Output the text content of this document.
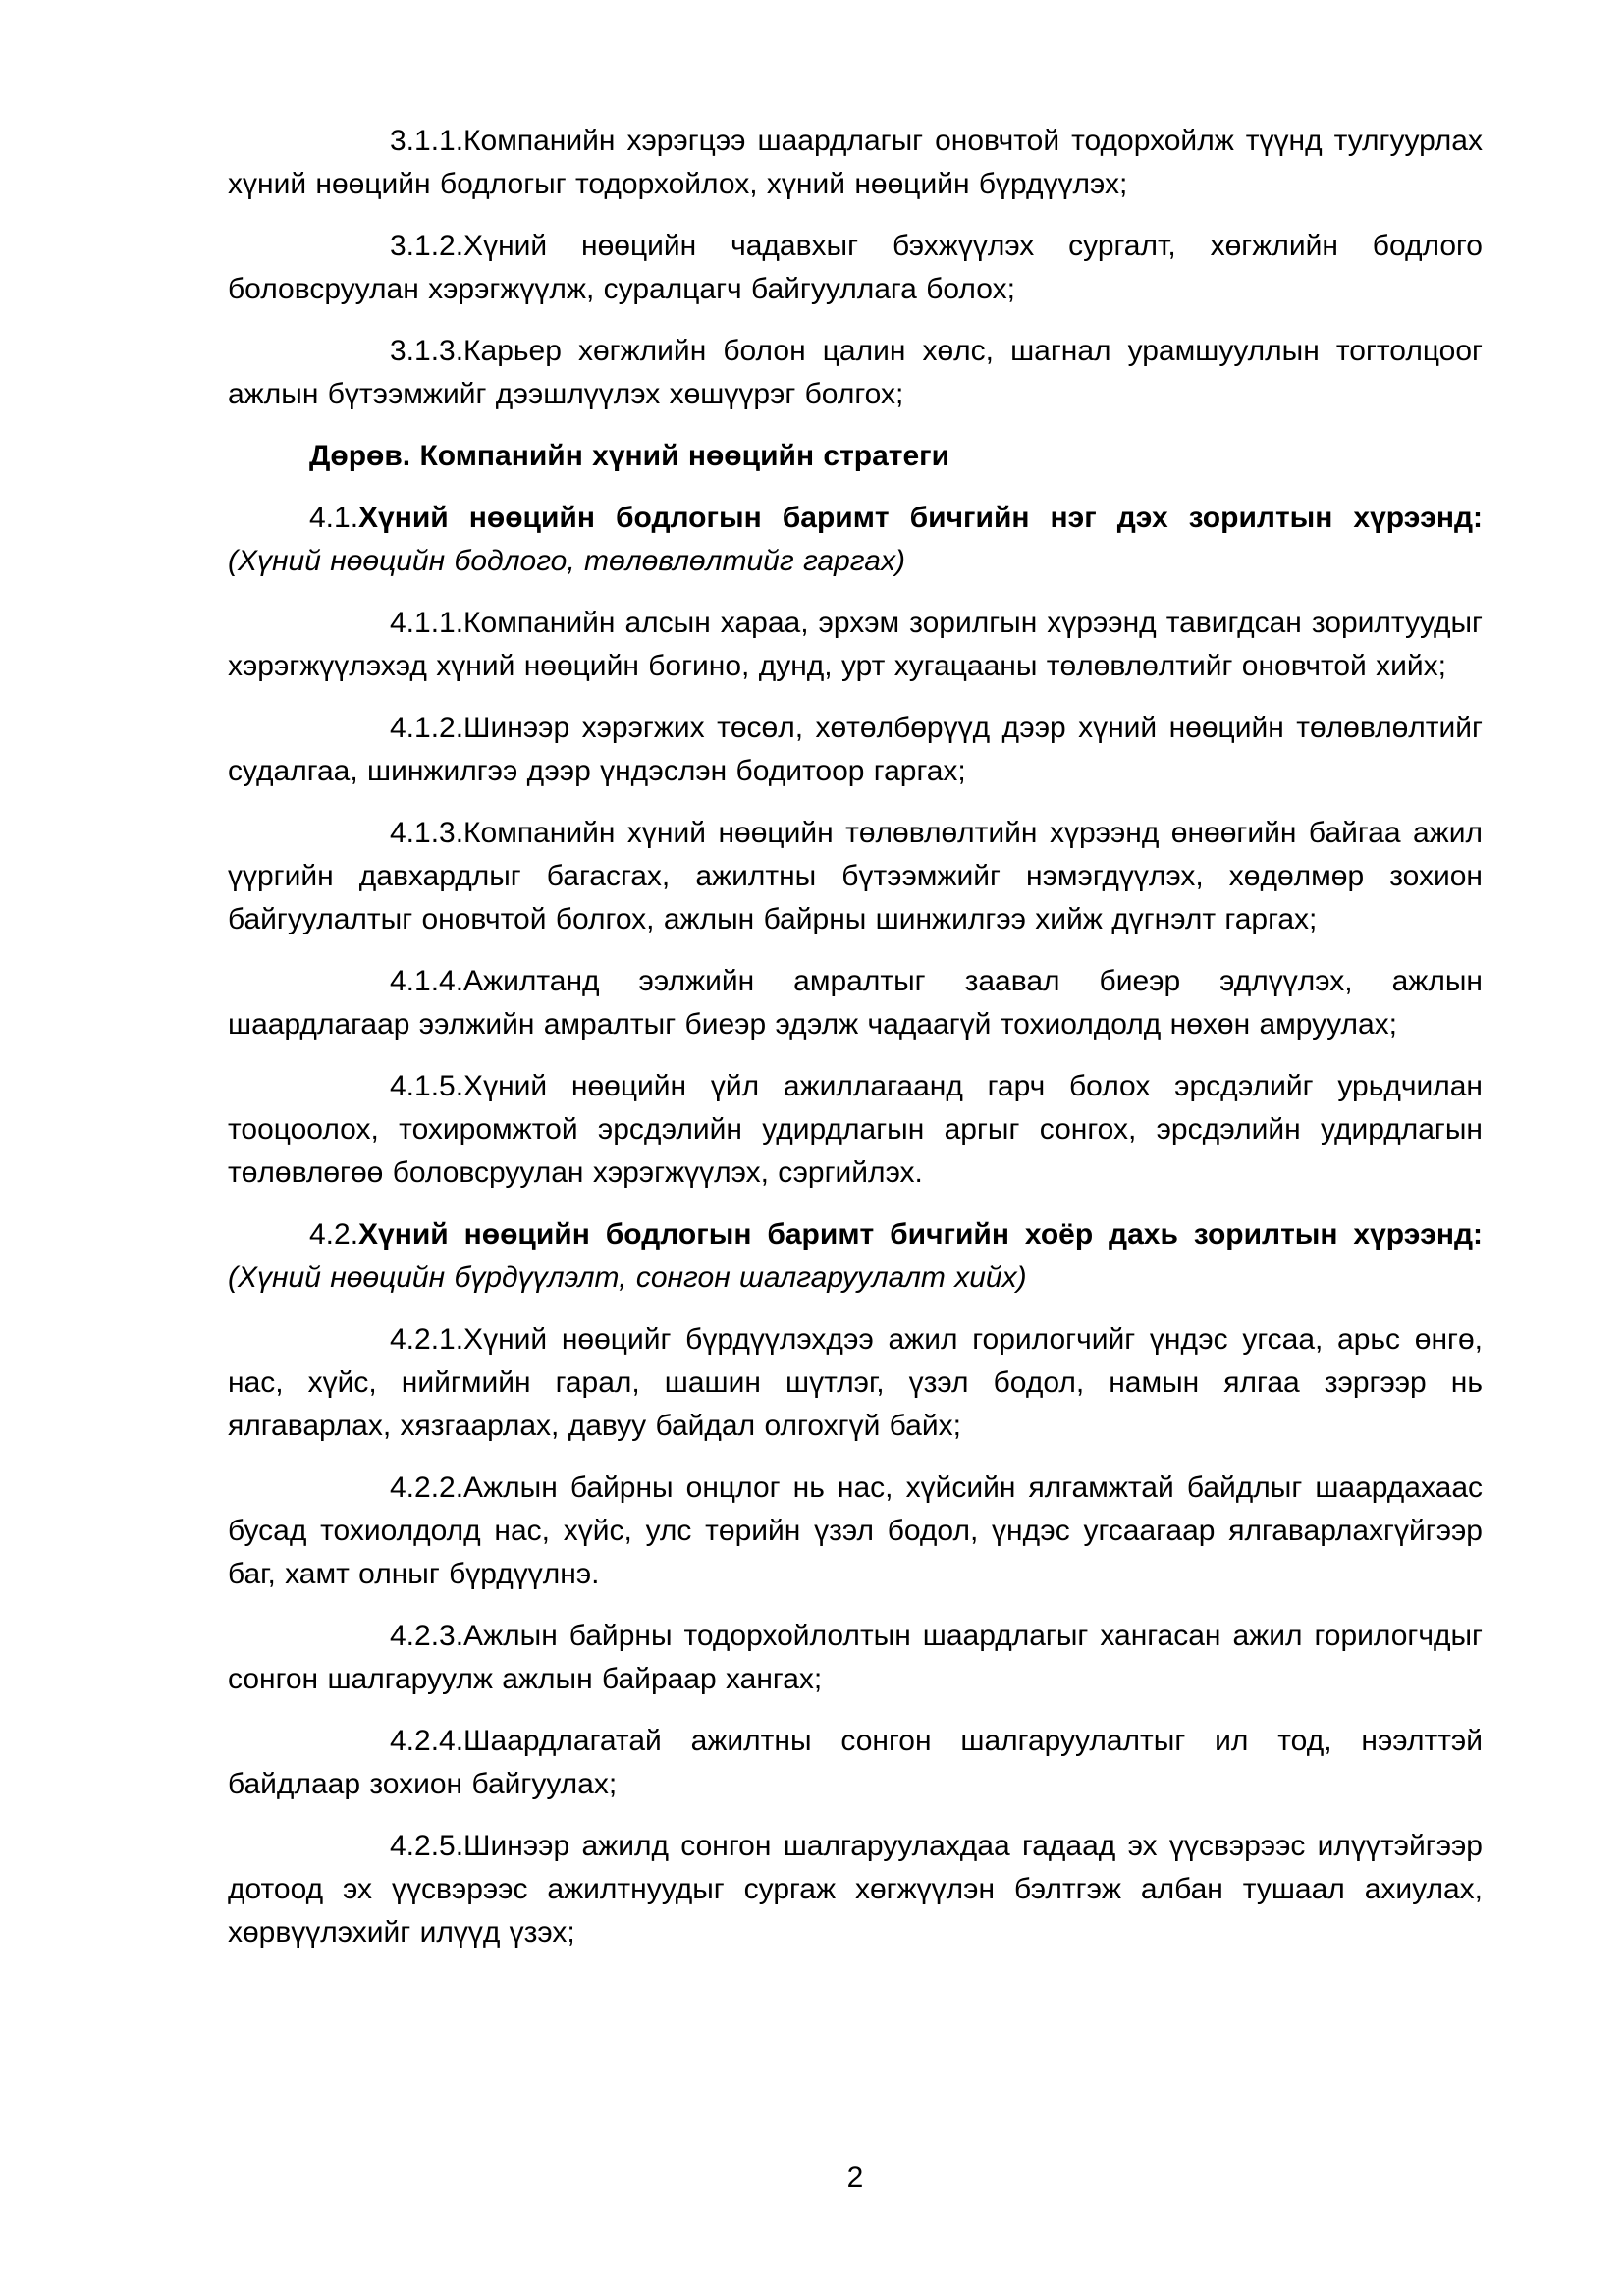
3.1.1.Компанийн хэрэгцээ шаардлагыг оновчтой тодорхойлж түүнд тулгуурлах хүний нөөцийн бодлогыг тодорхойлох, хүний нөөцийн бүрдүүлэх;

3.1.2.Хүний нөөцийн чадавхыг бэхжүүлэх сургалт, хөгжлийн бодлого боловсруулан хэрэгжүүлж, суралцагч байгууллага болох;

3.1.3.Карьер хөгжлийн болон цалин хөлс, шагнал урамшууллын тогтолцоог ажлын бүтээмжийг дээшлүүлэх хөшүүрэг болгох;

Дөрөв. Компанийн хүний нөөцийн стратеги

4.1.Хүний нөөцийн бодлогын баримт бичгийн нэг дэх зорилтын хүрээнд: (Хүний нөөцийн бодлого, төлөвлөлтийг гаргах)

4.1.1.Компанийн алсын хараа, эрхэм зорилгын хүрээнд тавигдсан зорилтуудыг хэрэгжүүлэхэд хүний нөөцийн богино, дунд, урт хугацааны төлөвлөлтийг оновчтой хийх;

4.1.2.Шинээр хэрэгжих төсөл, хөтөлбөрүүд дээр хүний нөөцийн төлөвлөлтийг судалгаа, шинжилгээ дээр үндэслэн бодитоор гаргах;

4.1.3.Компанийн хүний нөөцийн төлөвлөлтийн хүрээнд өнөөгийн байгаа ажил үүргийн давхардлыг багасгах, ажилтны бүтээмжийг нэмэгдүүлэх, хөдөлмөр зохион байгуулалтыг оновчтой болгох, ажлын байрны шинжилгээ хийж дүгнэлт гаргах;

4.1.4.Ажилтанд ээлжийн амралтыг заавал биеэр эдлүүлэх, ажлын шаардлагаар ээлжийн амралтыг биеэр эдэлж чадаагүй тохиолдолд нөхөн амруулах;

4.1.5.Хүний нөөцийн үйл ажиллагаанд гарч болох эрсдэлийг урьдчилан тооцоолох, тохиромжтой эрсдэлийн удирдлагын аргыг сонгох, эрсдэлийн удирдлагын төлөвлөгөө боловсруулан хэрэгжүүлэх, сэргийлэх.

4.2.Хүний нөөцийн бодлогын баримт бичгийн хоёр дахь зорилтын хүрээнд: (Хүний нөөцийн бүрдүүлэлт, сонгон шалгаруулалт хийх)

4.2.1.Хүний нөөцийг бүрдүүлэхдээ ажил горилогчийг үндэс угсаа, арьс өнгө, нас, хүйс, нийгмийн гарал, шашин шүтлэг, үзэл бодол, намын ялгаа зэргээр нь ялгаварлах, хязгаарлах, давуу байдал олгохгүй байх;

4.2.2.Ажлын байрны онцлог нь нас, хүйсийн ялгамжтай байдлыг шаардахаас бусад тохиолдолд нас, хүйс, улс төрийн үзэл бодол, үндэс угсаагаар ялгаварлахгүйгээр баг, хамт олныг бүрдүүлнэ.

4.2.3.Ажлын байрны тодорхойлолтын шаардлагыг хангасан ажил горилогчдыг сонгон шалгаруулж ажлын байраар хангах;

4.2.4.Шаардлагатай ажилтны сонгон шалгаруулалтыг ил тод, нээлттэй байдлаар зохион байгуулах;

4.2.5.Шинээр ажилд сонгон шалгаруулахдаа гадаад эх үүсвэрээс илүүтэйгээр дотоод эх үүсвэрээс ажилтнуудыг сургаж хөгжүүлэн бэлтгэж албан тушаал ахиулах, хөрвүүлэхийг илүүд үзэх;

2
